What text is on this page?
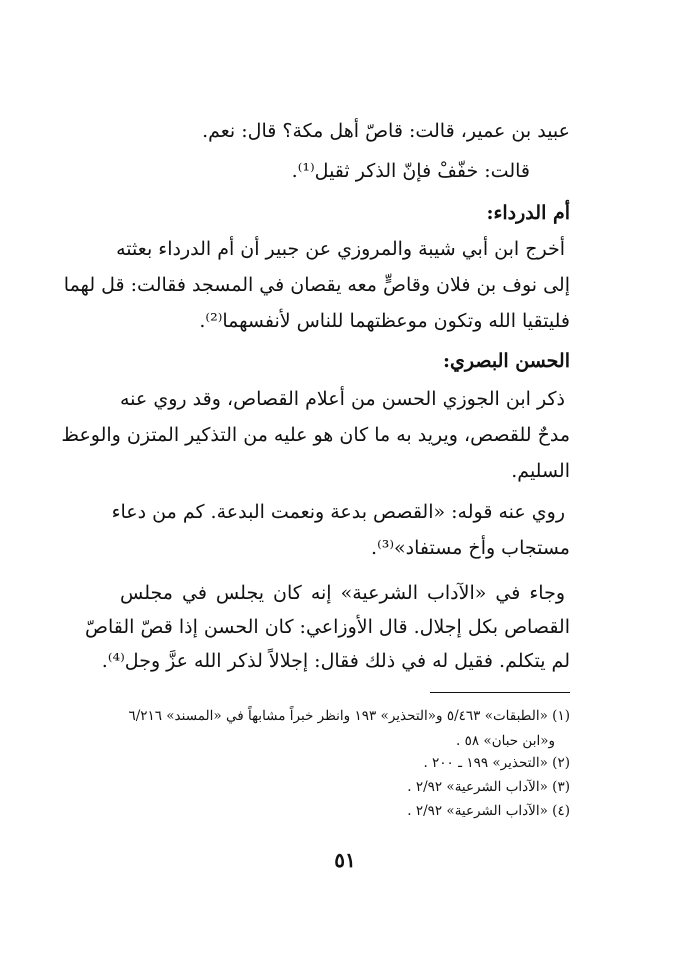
عبيد بن عمير، قالت: قاصّ أهل مكة؟ قال: نعم.
قالت: خفّفْ فإنّ الذكر ثقيل⁽¹⁾.
أم الدرداء:
أخرج ابن أبي شيبة والمروزي عن جبير أن أم الدرداء بعثته
إلى نوف بن فلان وقاصٍّ معه يقصان في المسجد فقالت: قل لهما
فليتقيا الله وتكون موعظتهما للناس لأنفسهما⁽²⁾.
الحسن البصري:
ذكر ابن الجوزي الحسن من أعلام القصاص، وقد روي عنه
مدحٌ للقصص، ويريد به ما كان هو عليه من التذكير المتزن والوعظ
السليم.
روي عنه قوله: «القصص بدعة ونعمت البدعة. كم من دعاء
مستجاب وأخ مستفاد»⁽³⁾.
وجاء في «الآداب الشرعية» إنه كان يجلس في مجلس
القصاص بكل إجلال. قال الأوزاعي: كان الحسن إذا قصّ القاصّ
لم يتكلم. فقيل له في ذلك فقال: إجلالاً لذكر الله عزَّ وجل⁽⁴⁾.
(١) «الطبقات» ٥/٤٦٣ و«التحذير» ١٩٣ وانظر خبراً مشابهاً في «المسند» ٦/٢١٦
و«ابن حبان» ٥٨ .
(٢) «التحذير» ١٩٩ ـ ٢٠٠ .
(٣) «الآداب الشرعية» ٢/٩٢ .
(٤) «الآداب الشرعية» ٢/٩٢ .
٥١
